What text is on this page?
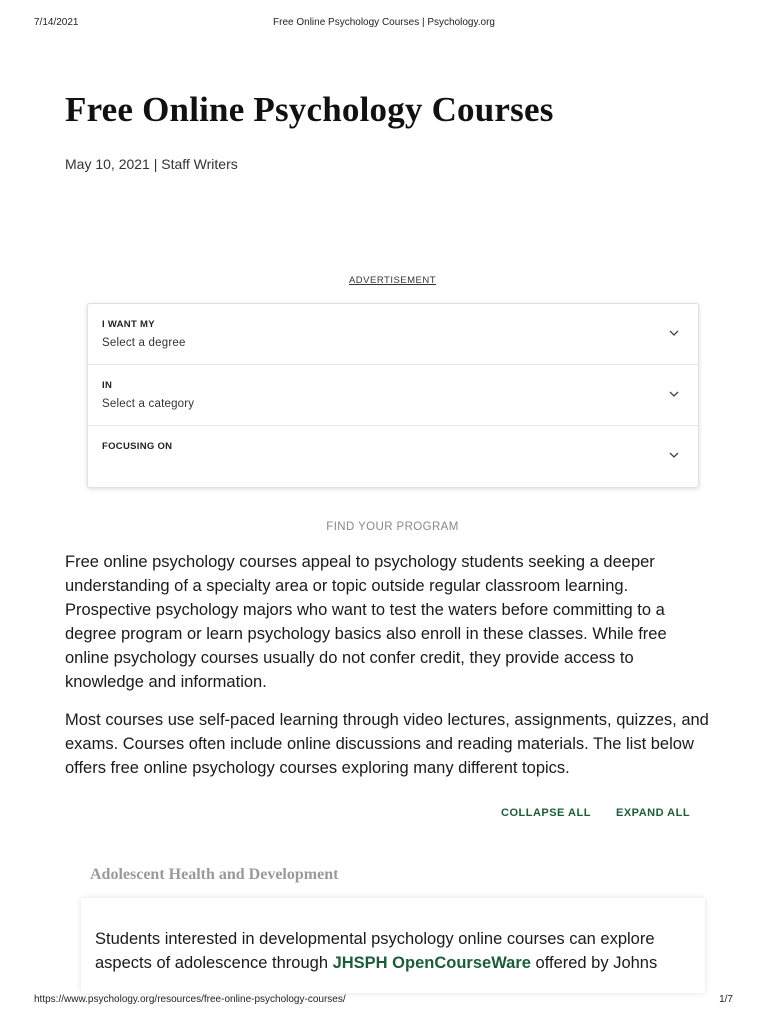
7/14/2021	Free Online Psychology Courses | Psychology.org
Free Online Psychology Courses
May 10, 2021 | Staff Writers
ADVERTISEMENT
I WANT MY
Select a degree
IN
Select a category
FOCUSING ON
FIND YOUR PROGRAM

Free online psychology courses appeal to psychology students seeking a deeper understanding of a specialty area or topic outside regular classroom learning. Prospective psychology majors who want to test the waters before committing to a degree program or learn psychology basics also enroll in these classes. While free online psychology courses usually do not confer credit, they provide access to knowledge and information.

Most courses use self-paced learning through video lectures, assignments, quizzes, and exams. Courses often include online discussions and reading materials. The list below offers free online psychology courses exploring many different topics.

COLLAPSE ALL EXPAND ALL
Adolescent Health and Development

Students interested in developmental psychology online courses can explore aspects of adolescence through JHSPH OpenCourseWare offered by Johns

https://www.psychology.org/resources/free-online-psychology-courses/	1/7
